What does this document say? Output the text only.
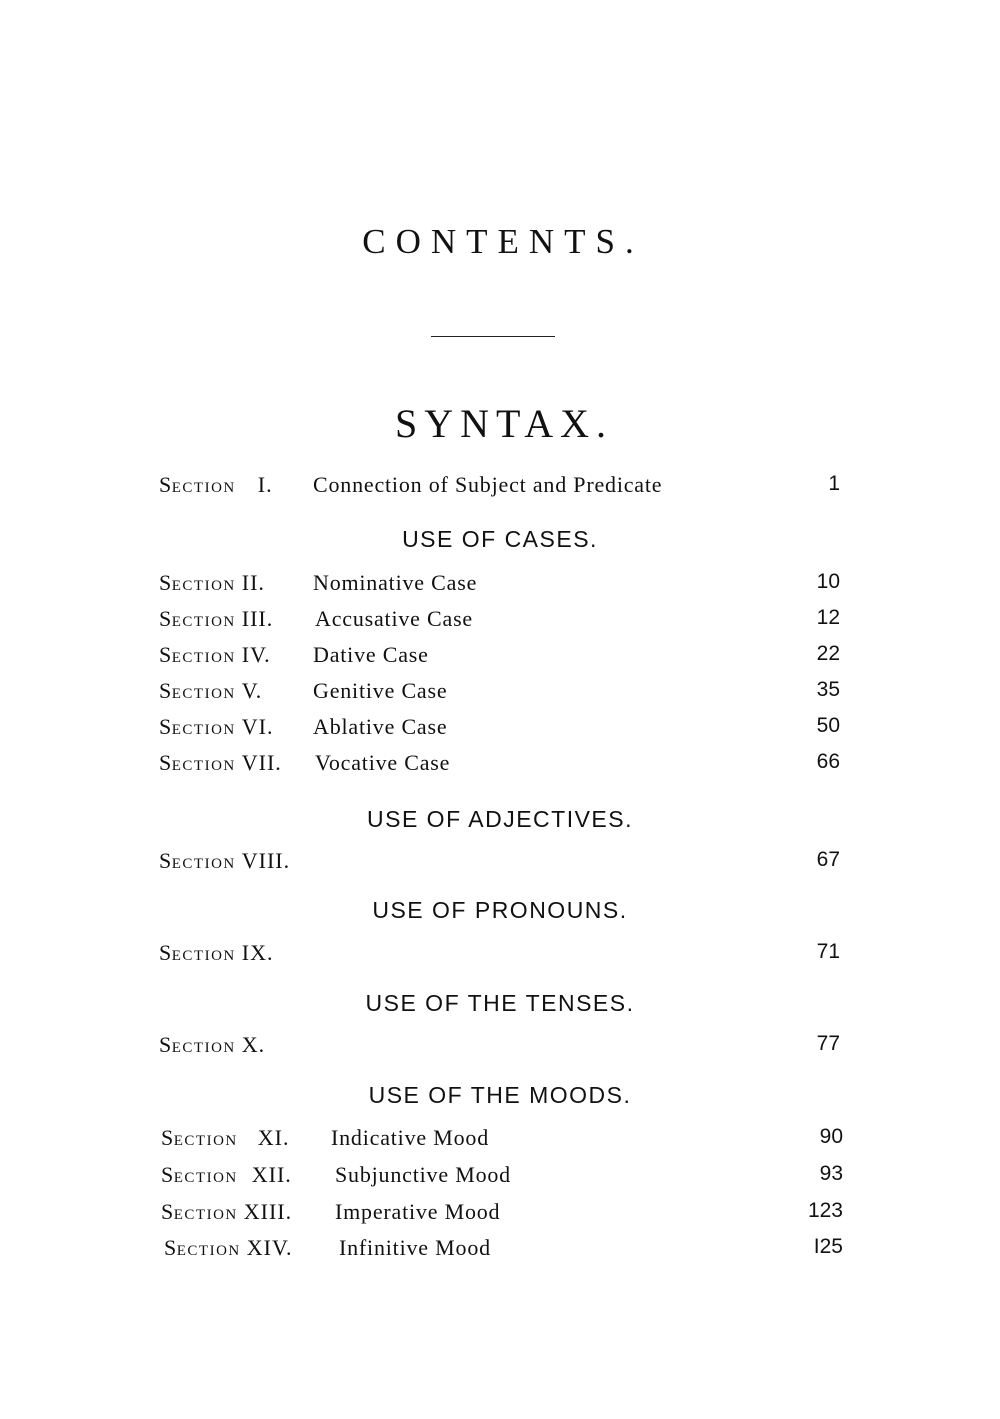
CONTENTS.
SYNTAX.
SECTION I. Connection of Subject and Predicate	1
USE OF CASES.
SECTION II. Nominative Case	10
SECTION III. Accusative Case	12
SECTION IV. Dative Case	22
SECTION V. Genitive Case	35
SECTION VI. Ablative Case	50
SECTION VII. Vocative Case	66
USE OF ADJECTIVES.
SECTION VIII.	67
USE OF PRONOUNS.
SECTION IX.	71
USE OF THE TENSES.
SECTION X.	77
USE OF THE MOODS.
SECTION XI. Indicative Mood	90
SECTION XII. Subjunctive Mood	93
SECTION XIII. Imperative Mood	123
SECTION XIV. Infinitive Mood	I25
